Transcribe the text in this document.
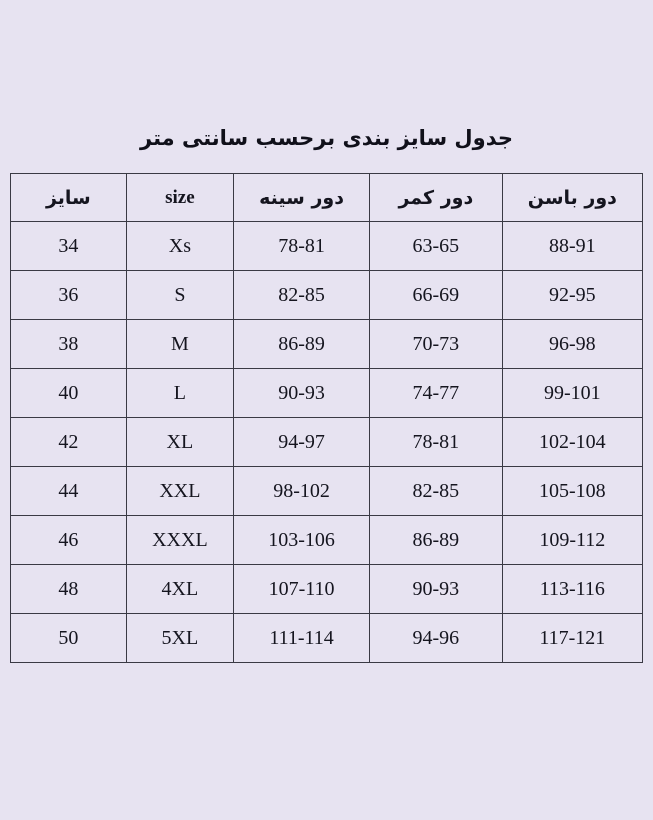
جدول سایز بندی برحسب سانتی متر
دور باسن	دور کمر	دور سینه	size	سایز
88-91	63-65	78-81	Xs	34
92-95	66-69	82-85	S	36
96-98	70-73	86-89	M	38
99-101	74-77	90-93	L	40
102-104	78-81	94-97	XL	42
105-108	82-85	98-102	XXL	44
109-112	86-89	103-106	XXXL	46
113-116	90-93	107-110	4XL	48
117-121	94-96	111-114	5XL	50
